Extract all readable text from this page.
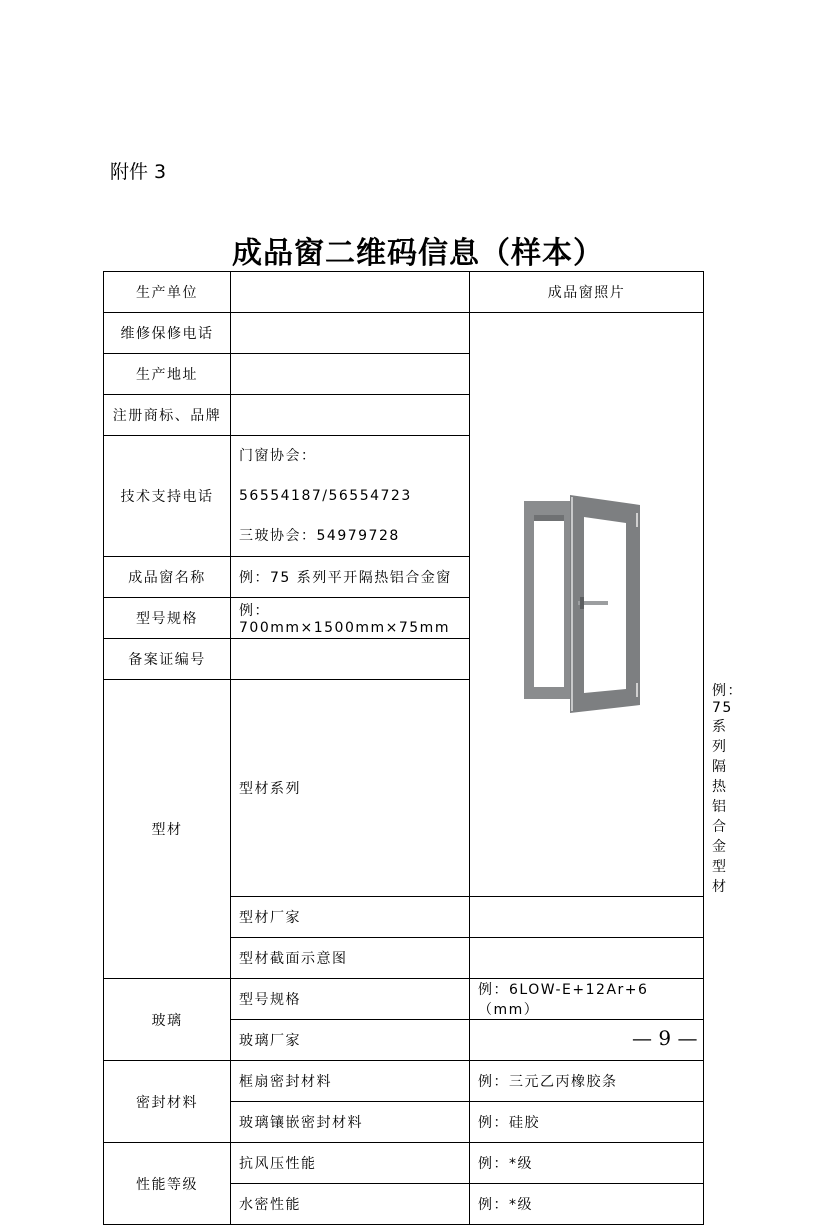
附件 3
成品窗二维码信息（样本）
生产单位		成品窗照片	
维修保修电话		
生产地址			
注册商标、品牌			
技术支持电话	门窗协会：56554187/56554723
三玻协会：54979728		

成品窗名称	例：75 系列平开隔热铝合金窗		
型号规格	例：700mm×1500mm×75mm		
备案证编号			
型材	型材系列		例：75 系列隔热铝合金型材
	型材厂家		
	型材截面示意图		
玻璃	型号规格	例：6LOW-E+12Ar+6（mm）	
	玻璃厂家		
密封材料	框扇密封材料	例：三元乙丙橡胶条	
	玻璃镶嵌密封材料	例：硅胶	
性能等级	抗风压性能	例：*级	
	水密性能	例：*级	
— 9 —
